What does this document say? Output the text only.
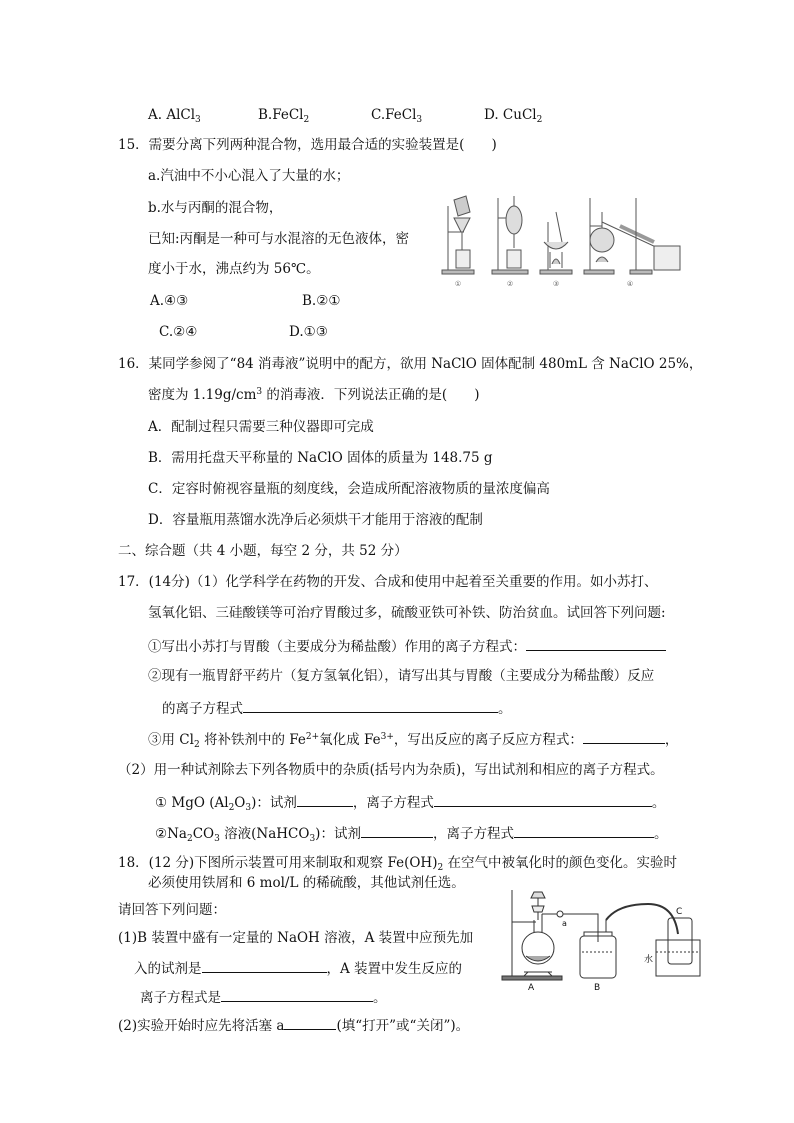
A. AlCl$_3$	B.FeCl$_2$	C.FeCl$_3$	D. CuCl$_2$
15．需要分离下列两种混合物，选用最合适的实验装置是(　　)
a.汽油中不小心混入了大量的水；
b.水与丙酮的混合物，
已知:丙酮是一种可与水混溶的无色液体，密
度小于水，沸点约为 56℃。
A.④③	B.②①
C.②④	D.①③
①	②	③	④
16．某同学参阅了“84 消毒液”说明中的配方，欲用 NaClO 固体配制 480mL 含 NaClO 25%，
密度为 $1.19g/cm^3$ 的消毒液．下列说法正确的是(　　)
A．配制过程只需要三种仪器即可完成
B．需用托盘天平称量的 NaClO 固体的质量为 148.75 g
C．定容时俯视容量瓶的刻度线，会造成所配溶液物质的量浓度偏高
D．容量瓶用蒸馏水洗净后必须烘干才能用于溶液的配制
二、综合题（共 4 小题，每空 2 分，共 52 分）
17．(14分)（1）化学科学在药物的开发、合成和使用中起着至关重要的作用。如小苏打、
氢氧化铝、三硅酸镁等可治疗胃酸过多，硫酸亚铁可补铁、防治贫血。试回答下列问题:
①写出小苏打与胃酸（主要成分为稀盐酸）作用的离子方程式：
②现有一瓶胃舒平药片（复方氢氧化铝），请写出其与胃酸（主要成分为稀盐酸）反应
的离子方程式	。
③用 $Cl_2$ 将补铁剂中的 $Fe^{2+}$氧化成 $Fe^{3+}$，写出反应的离子反应方程式：	，
（2）用一种试剂除去下列各物质中的杂质(括号内为杂质)，写出试剂和相应的离子方程式。
① MgO $(Al_2O_3)$：试剂	，离子方程式	。
$②Na_2CO_3$ 溶液(NaHCO$_3$)：试剂	，离子方程式	。
18．(12 分)下图所示装置可用来制取和观察 $Fe(OH)_2$ 在空气中被氧化时的颜色变化。实验时
必须使用铁屑和 6 mol/L 的稀硫酸，其他试剂任选。
请回答下列问题：
(1)B 装置中盛有一定量的 NaOH 溶液，A 装置中应预先加
入的试剂是	，A 装置中发生反应的
离子方程式是	。
(2)实验开始时应先将活塞 a	(填“打开”或“关闭”)。
A	B
C
a
水
